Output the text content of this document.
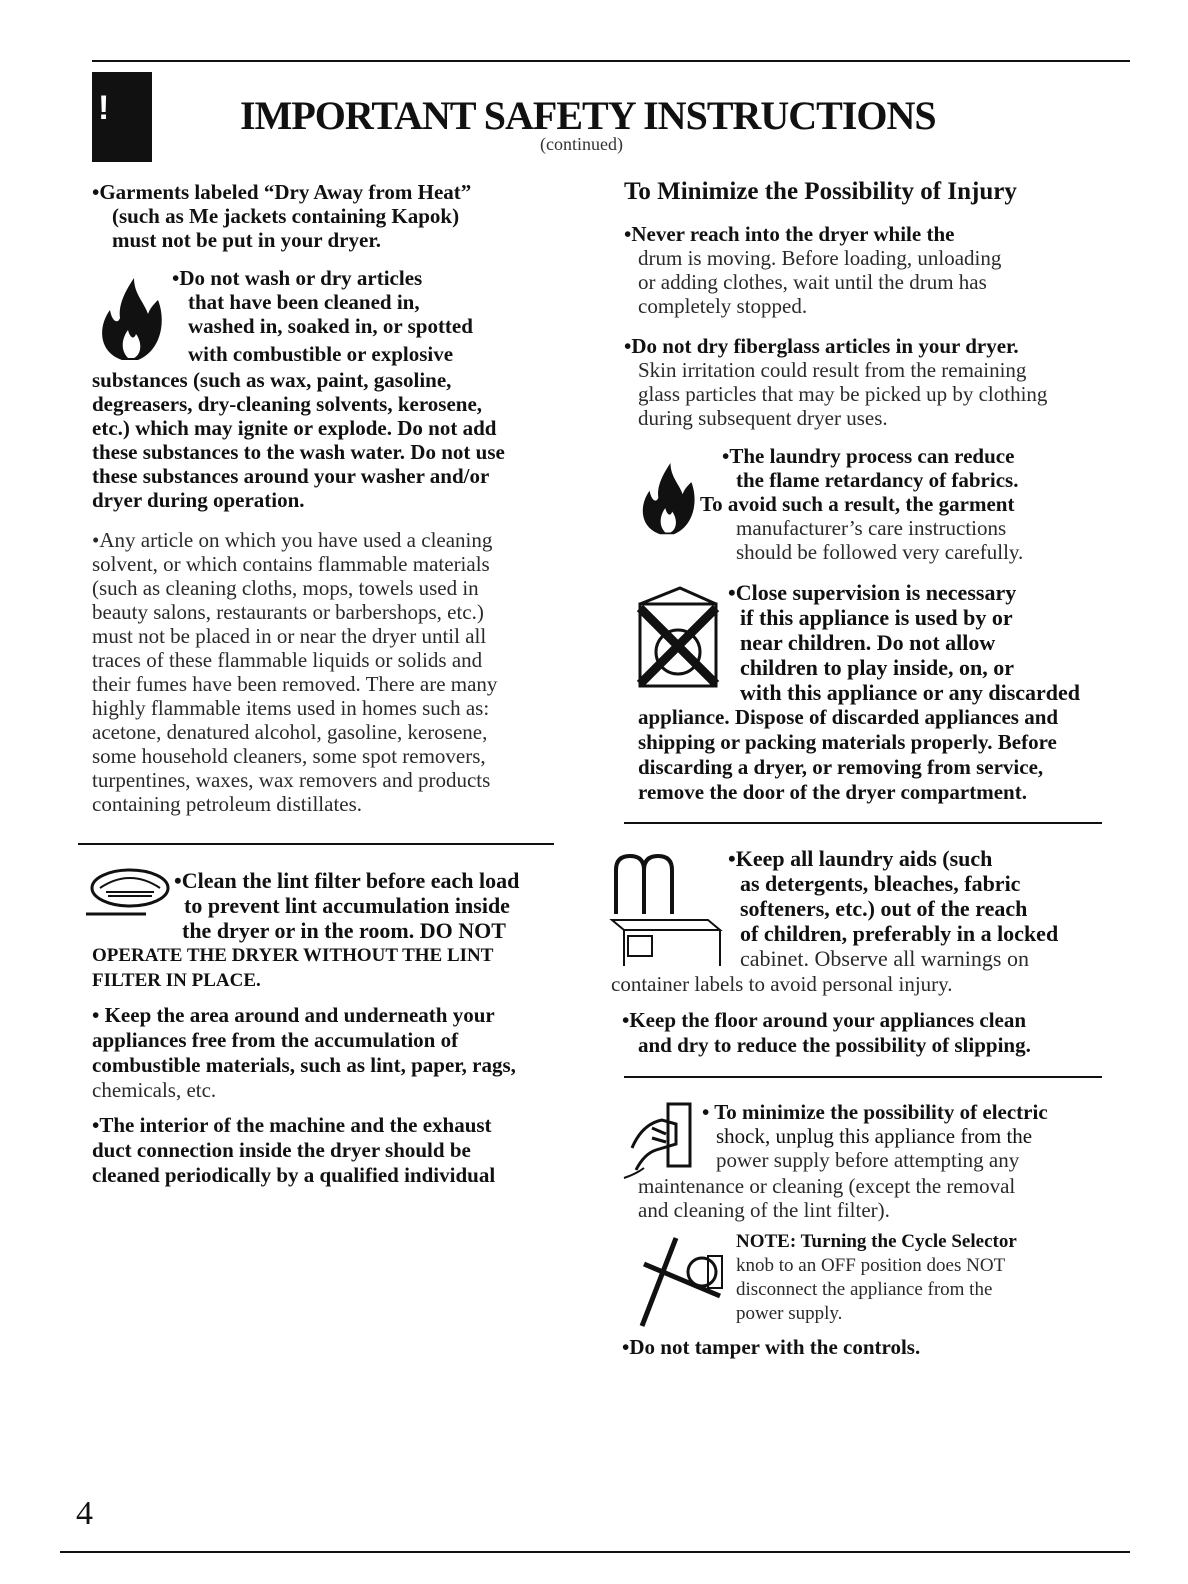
!	IMPORTANT SAFETY INSTRUCTIONS
(continued)

•Garments labeled “Dry Away from Heat”

(such as Me jackets containing Kapok)

must not be put in your dryer.

•Do not wash or dry articles

that have been cleaned in,

washed in, soaked in, or spotted

with combustible or explosive

substances (such as wax, paint, gasoline,

degreasers, dry-cleaning solvents, kerosene,

etc.) which may ignite or explode. Do not add

these substances to the wash water. Do not use

these substances around your washer and/or

dryer during operation.

•Any article on which you have used a cleaning

solvent, or which contains flammable materials

(such as cleaning cloths, mops, towels used in

beauty salons, restaurants or barbershops, etc.)

must not be placed in or near the dryer until all

traces of these flammable liquids or solids and

their fumes have been removed. There are many

highly flammable items used in homes such as:

acetone, denatured alcohol, gasoline, kerosene,

some household cleaners, some spot removers,

turpentines, waxes, wax removers and products

containing petroleum distillates.

•Clean the lint filter before each load

to prevent lint accumulation inside

the dryer or in the room. DO NOT

OPERATE THE DRYER WITHOUT THE LINT

FILTER IN PLACE.

• Keep the area around and underneath your

appliances free from the accumulation of

combustible materials, such as lint, paper, rags,

chemicals, etc.

•The interior of the machine and the exhaust

duct connection inside the dryer should be

cleaned periodically by a qualified individual

To Minimize the Possibility of Injury

•Never reach into the dryer while the

drum is moving. Before loading, unloading

or adding clothes, wait until the drum has

completely stopped.

•Do not dry fiberglass articles in your dryer.

Skin irritation could result from the remaining

glass particles that may be picked up by clothing

during subsequent dryer uses.

•The laundry process can reduce

the flame retardancy of fabrics.

To avoid such a result, the garment

manufacturer’s care instructions

should be followed very carefully.

•Close supervision is necessary

if this appliance is used by or

near children. Do not allow

children to play inside, on, or

with this appliance or any discarded

appliance. Dispose of discarded appliances and

shipping or packing materials properly. Before

discarding a dryer, or removing from service,

remove the door of the dryer compartment.

•Keep all laundry aids (such

as detergents, bleaches, fabric

softeners, etc.) out of the reach

of children, preferably in a locked

cabinet. Observe all warnings on

container labels to avoid personal injury.

•Keep the floor around your appliances clean

and dry to reduce the possibility of slipping.

• To minimize the possibility of electric

shock, unplug this appliance from the

power supply before attempting any

maintenance or cleaning (except the removal

and cleaning of the lint filter).

NOTE: Turning the Cycle Selector

knob to an OFF position does NOT

disconnect the appliance from the

power supply.

•Do not tamper with the controls.
4
